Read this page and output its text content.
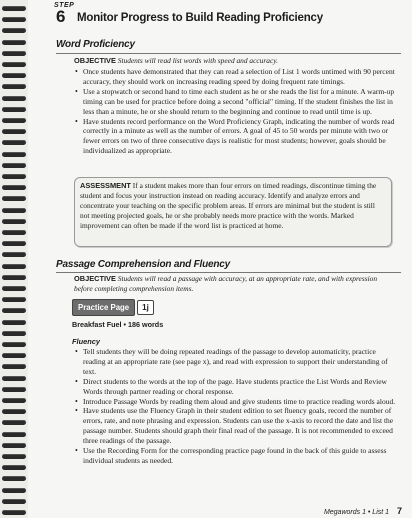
STEP
6 Monitor Progress to Build Reading Proficiency
Word Proficiency
OBJECTIVE Students will read list words with speed and accuracy.
• Once students have demonstrated that they can read a selection of List 1 words untimed with 90 percent accuracy, they should work on increasing reading speed by doing frequent rate timings.
• Use a stopwatch or second hand to time each student as he or she reads the list for a minute. A warm-up timing can be used for practice before doing a second "official" timing. If the student finishes the list in less than a minute, he or she should return to the beginning and continue to read until time is up.
• Have students record performance on the Word Proficiency Graph, indicating the number of words read correctly in a minute as well as the number of errors. A goal of 45 to 50 words per minute with two or fewer errors on two of three consecutive days is realistic for most students; however, goals should be individualized as appropriate.
ASSESSMENT If a student makes more than four errors on timed readings, discontinue timing the student and focus your instruction instead on reading accuracy. Identify and analyze errors and concentrate your teaching on the specific problem areas. If errors are minimal but the student is still not meeting projected goals, he or she probably needs more practice with the words. Marked improvement can often be made if the word list is practiced at home.
Passage Comprehension and Fluency
OBJECTIVE Students will read a passage with accuracy, at an appropriate rate, and with expression before completing comprehension items.
Practice Page	1j
Breakfast Fuel • 186 words
Fluency
• Tell students they will be doing repeated readings of the passage to develop automaticity, practice reading at an appropriate rate (see page x), and read with expression to support their understanding of text.
• Direct students to the words at the top of the page. Have students practice the List Words and Review Words through partner reading or choral response.
• Introduce Passage Words by reading them aloud and give students time to practice reading words aloud.
• Have students use the Fluency Graph in their student edition to set fluency goals, record the number of errors, rate, and note phrasing and expression. Students can use the x-axis to record the date and list the passage number. Students should graph their final read of the passage. It is not recommended to exceed three readings of the passage.
• Use the Recording Form for the corresponding practice page found in the back of this guide to assess individual students as needed.
Megawords 1 • List 1 7
